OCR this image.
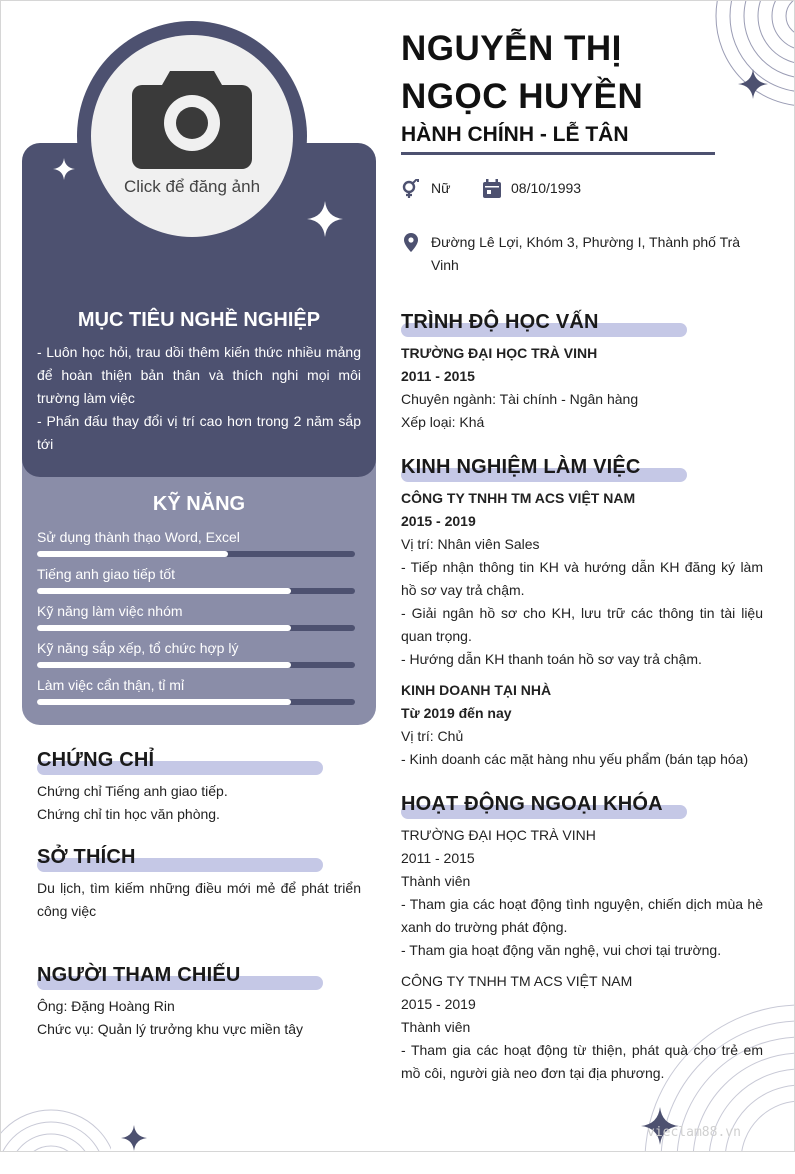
Click để đăng ảnh
MỤC TIÊU NGHỀ NGHIỆP
- Luôn học hỏi, trau dồi thêm kiến thức nhiều mảng để hoàn thiện bản thân và thích nghi mọi môi trường làm việc
- Phấn đấu thay đổi vị trí cao hơn trong 2 năm sắp tới
KỸ NĂNG
Sử dụng thành thạo Word, Excel
Tiếng anh giao tiếp tốt
Kỹ năng làm việc nhóm
Kỹ năng sắp xếp, tổ chức hợp lý
Làm việc cẩn thận, tỉ mỉ
CHỨNG CHỈ
Chứng chỉ Tiếng anh giao tiếp.
Chứng chỉ tin học văn phòng.
SỞ THÍCH
Du lịch, tìm kiếm những điều mới mẻ để phát triển công việc
NGƯỜI THAM CHIẾU
Ông: Đặng Hoàng Rin
Chức vụ: Quản lý trưởng khu vực miền tây
NGUYỄN THỊ
NGỌC HUYỀN
HÀNH CHÍNH - LỄ TÂN
Nữ	08/10/1993
Đường Lê Lợi, Khóm 3, Phường I, Thành phố Trà Vinh
TRÌNH ĐỘ HỌC VẤN
TRƯỜNG ĐẠI HỌC TRÀ VINH
2011 - 2015
Chuyên ngành: Tài chính - Ngân hàng
Xếp loại: Khá
KINH NGHIỆM LÀM VIỆC
CÔNG TY TNHH TM ACS VIỆT NAM
2015 - 2019
Vị trí: Nhân viên Sales
- Tiếp nhận thông tin KH và hướng dẫn KH đăng ký làm hồ sơ vay trả chậm.
- Giải ngân hồ sơ cho KH, lưu trữ các thông tin tài liệu quan trọng.
- Hướng dẫn KH thanh toán hồ sơ vay trả chậm.
KINH DOANH TẠI NHÀ
Từ 2019 đến nay
Vị trí: Chủ
- Kinh doanh các mặt hàng nhu yếu phẩm (bán tạp hóa)
HOẠT ĐỘNG NGOẠI KHÓA
TRƯỜNG ĐẠI HỌC TRÀ VINH
2011 - 2015
Thành viên
- Tham gia các hoạt động tình nguyện, chiến dịch mùa hè xanh do trường phát động.
- Tham gia hoạt động văn nghệ, vui chơi tại trường.
CÔNG TY TNHH TM ACS VIỆT NAM
2015 - 2019
Thành viên
- Tham gia các hoạt động từ thiện, phát quà cho trẻ em mồ côi, người già neo đơn tại địa phương.
vieclam88.vn
